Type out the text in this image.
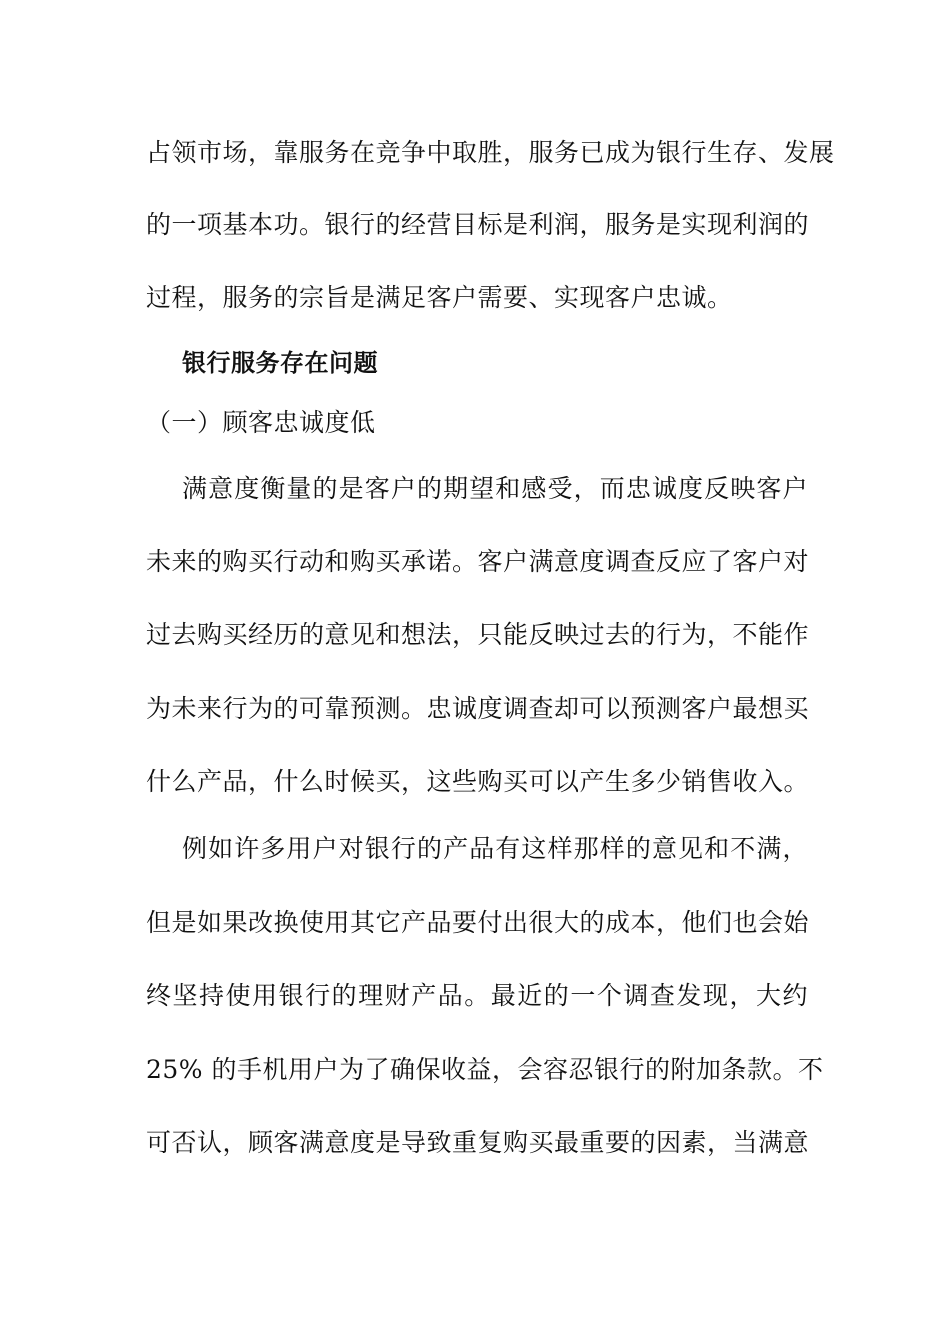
占领市场，靠服务在竞争中取胜，服务已成为银行生存、发展
的一项基本功。银行的经营目标是利润，服务是实现利润的
过程，服务的宗旨是满足客户需要、实现客户忠诚。
银行服务存在问题
（一）顾客忠诚度低
满意度衡量的是客户的期望和感受，而忠诚度反映客户
未来的购买行动和购买承诺。客户满意度调查反应了客户对
过去购买经历的意见和想法，只能反映过去的行为，不能作
为未来行为的可靠预测。忠诚度调查却可以预测客户最想买
什么产品，什么时候买，这些购买可以产生多少销售收入。
例如许多用户对银行的产品有这样那样的意见和不满，
但是如果改换使用其它产品要付出很大的成本，他们也会始
终坚持使用银行的理财产品。最近的一个调查发现，大约
25% 的手机用户为了确保收益，会容忍银行的附加条款。不
可否认，顾客满意度是导致重复购买最重要的因素，当满意
